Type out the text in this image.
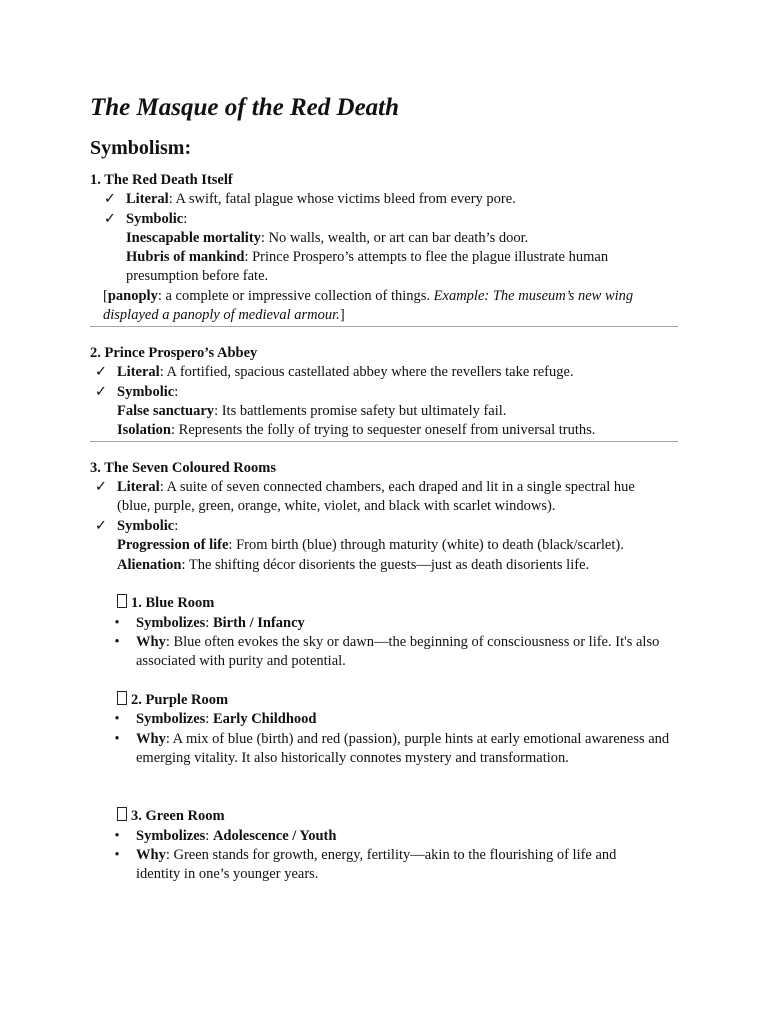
The Masque of the Red Death
Symbolism:
1. The Red Death Itself
✓ Literal: A swift, fatal plague whose victims bleed from every pore.
✓ Symbolic:
Inescapable mortality: No walls, wealth, or art can bar death’s door.
Hubris of mankind: Prince Prospero’s attempts to flee the plague illustrate human presumption before fate.
[panoply: a complete or impressive collection of things. Example: The museum’s new wing displayed a panoply of medieval armour.]
2. Prince Prospero’s Abbey
✓ Literal: A fortified, spacious castellated abbey where the revellers take refuge.
✓ Symbolic:
False sanctuary: Its battlements promise safety but ultimately fail.
Isolation: Represents the folly of trying to sequester oneself from universal truths.
3. The Seven Coloured Rooms
✓ Literal: A suite of seven connected chambers, each draped and lit in a single spectral hue (blue, purple, green, orange, white, violet, and black with scarlet windows).
✓ Symbolic:
Progression of life: From birth (blue) through maturity (white) to death (black/scarlet).
Alienation: The shifting décor disorients the guests—just as death disorients life.
1. Blue Room
• Symbolizes: Birth / Infancy
• Why: Blue often evokes the sky or dawn—the beginning of consciousness or life. It's also associated with purity and potential.
2. Purple Room
• Symbolizes: Early Childhood
• Why: A mix of blue (birth) and red (passion), purple hints at early emotional awareness and emerging vitality. It also historically connotes mystery and transformation.
3. Green Room
• Symbolizes: Adolescence / Youth
• Why: Green stands for growth, energy, fertility—akin to the flourishing of life and identity in one’s younger years.
